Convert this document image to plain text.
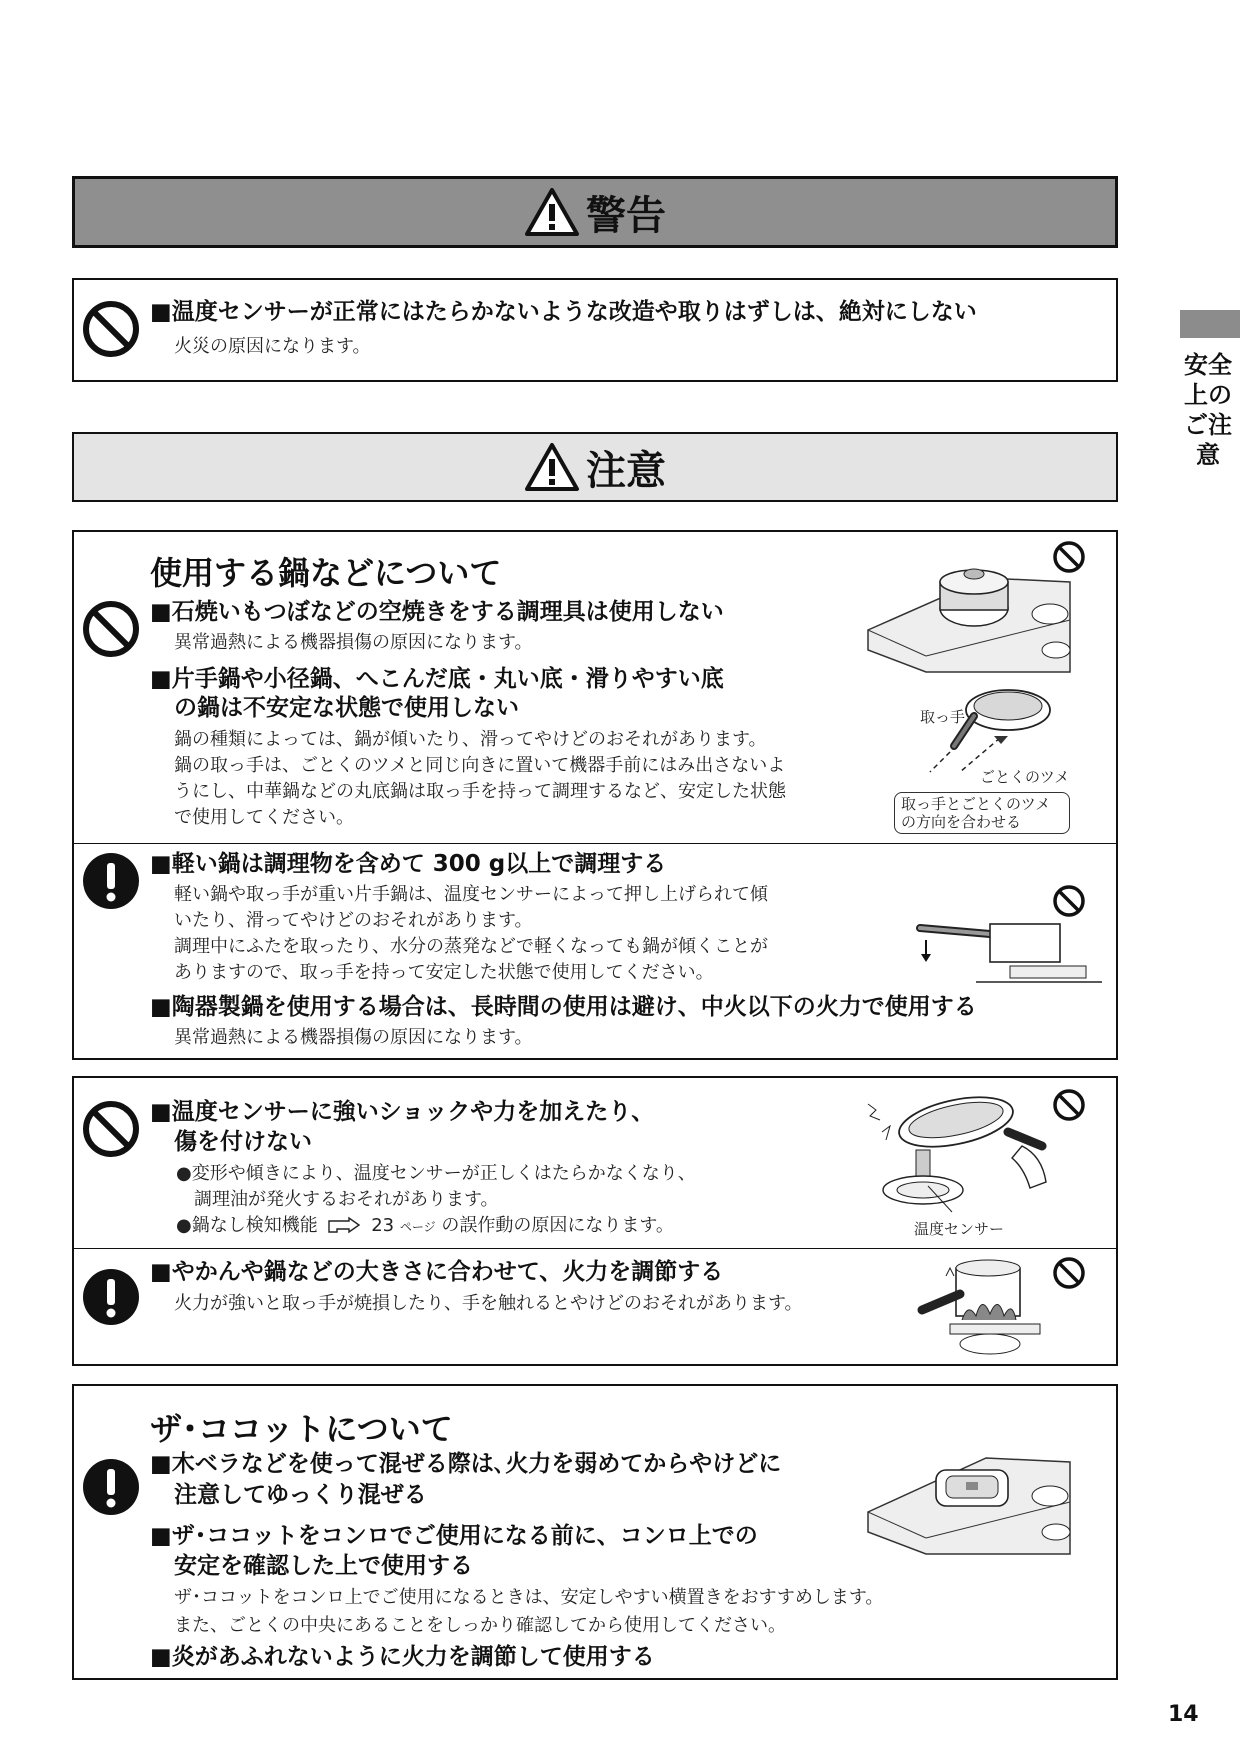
警告
■温度センサーが正常にはたらかないような改造や取りはずしは、絶対にしない
火災の原因になります。
注意
使用する鍋などについて
■石焼いもつぼなどの空焼きをする調理具は使用しない
異常過熱による機器損傷の原因になります。
■片手鍋や小径鍋、へこんだ底・丸い底・滑りやすい底
の鍋は不安定な状態で使用しない
鍋の種類によっては、鍋が傾いたり、滑ってやけどのおそれがあります。
鍋の取っ手は、ごとくのツメと同じ向きに置いて機器手前にはみ出さないよ
うにし、中華鍋などの丸底鍋は取っ手を持って調理するなど、安定した状態
で使用してください。
取っ手
ごとくのツメ
取っ手とごとくのツメ
の方向を合わせる
■軽い鍋は調理物を含めて 300 g以上で調理する
軽い鍋や取っ手が重い片手鍋は、温度センサーによって押し上げられて傾
いたり、滑ってやけどのおそれがあります。
調理中にふたを取ったり、水分の蒸発などで軽くなっても鍋が傾くことが
ありますので、取っ手を持って安定した状態で使用してください。
■陶器製鍋を使用する場合は、長時間の使用は避け、中火以下の火力で使用する
異常過熱による機器損傷の原因になります。
■温度センサーに強いショックや力を加えたり、
傷を付けない
●変形や傾きにより、温度センサーが正しくはたらかなくなり、
調理油が発火するおそれがあります。
●鍋なし検知機能	23 ページ の誤作動の原因になります。	温度センサー
■やかんや鍋などの大きさに合わせて、火力を調節する
火力が強いと取っ手が焼損したり、手を触れるとやけどのおそれがあります。
ザ･ココットについて
■木ベラなどを使って混ぜる際は､火力を弱めてからやけどに
注意してゆっくり混ぜる
■ザ･ココットをコンロでご使用になる前に、コンロ上での
安定を確認した上で使用する
ザ･ココットをコンロ上でご使用になるときは、安定しやすい横置きをおすすめします。
また、ごとくの中央にあることをしっかり確認してから使用してください。
■炎があふれないように火力を調節して使用する
安全上のご注意
14
